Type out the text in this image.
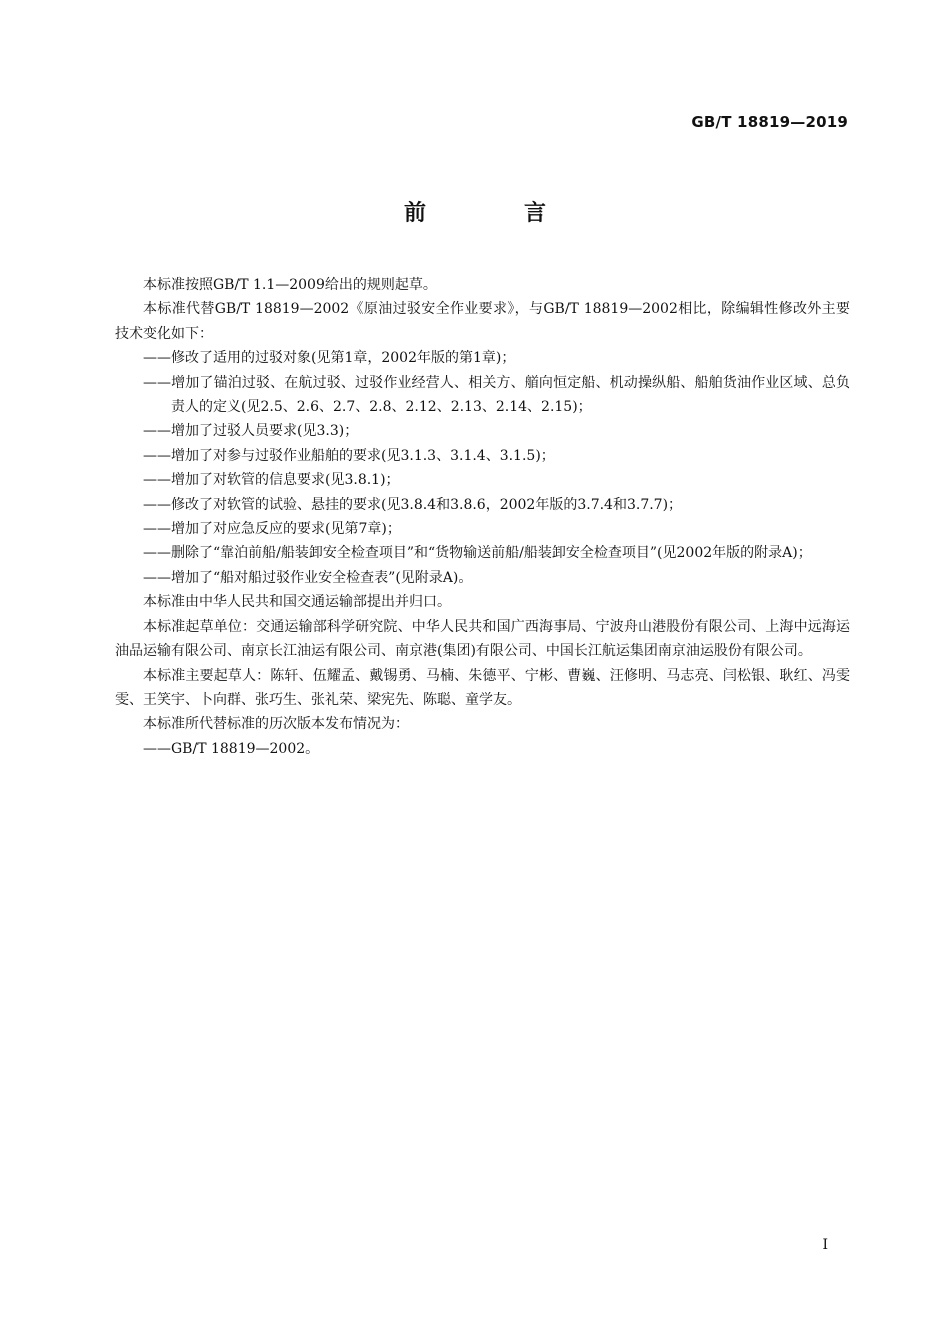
GB/T 18819—2019
前　言

本标准按照GB/T 1.1—2009给出的规则起草。

本标准代替GB/T 18819—2002《原油过驳安全作业要求》，与GB/T 18819—2002相比，除编辑性修改外主要技术变化如下：

——修改了适用的过驳对象(见第1章，2002年版的第1章)；

——增加了锚泊过驳、在航过驳、过驳作业经营人、相关方、艏向恒定船、机动操纵船、船舶货油作业区域、总负责人的定义(见2.5、2.6、2.7、2.8、2.12、2.13、2.14、2.15)；

——增加了过驳人员要求(见3.3)；

——增加了对参与过驳作业船舶的要求(见3.1.3、3.1.4、3.1.5)；

——增加了对软管的信息要求(见3.8.1)；

——修改了对软管的试验、悬挂的要求(见3.8.4和3.8.6，2002年版的3.7.4和3.7.7)；

——增加了对应急反应的要求(见第7章)；

——删除了“靠泊前船/船装卸安全检查项目”和“货物输送前船/船装卸安全检查项目”(见2002年版的附录A)；

——增加了“船对船过驳作业安全检查表”(见附录A)。

本标准由中华人民共和国交通运输部提出并归口。

本标准起草单位：交通运输部科学研究院、中华人民共和国广西海事局、宁波舟山港股份有限公司、上海中远海运油品运输有限公司、南京长江油运有限公司、南京港(集团)有限公司、中国长江航运集团南京油运股份有限公司。

本标准主要起草人：陈轩、伍耀孟、戴锡勇、马楠、朱德平、宁彬、曹巍、汪修明、马志亮、闫松银、耿红、冯雯雯、王笑宇、卜向群、张巧生、张礼荣、梁宪先、陈聪、童学友。

本标准所代替标准的历次版本发布情况为：

——GB/T 18819—2002。

I
